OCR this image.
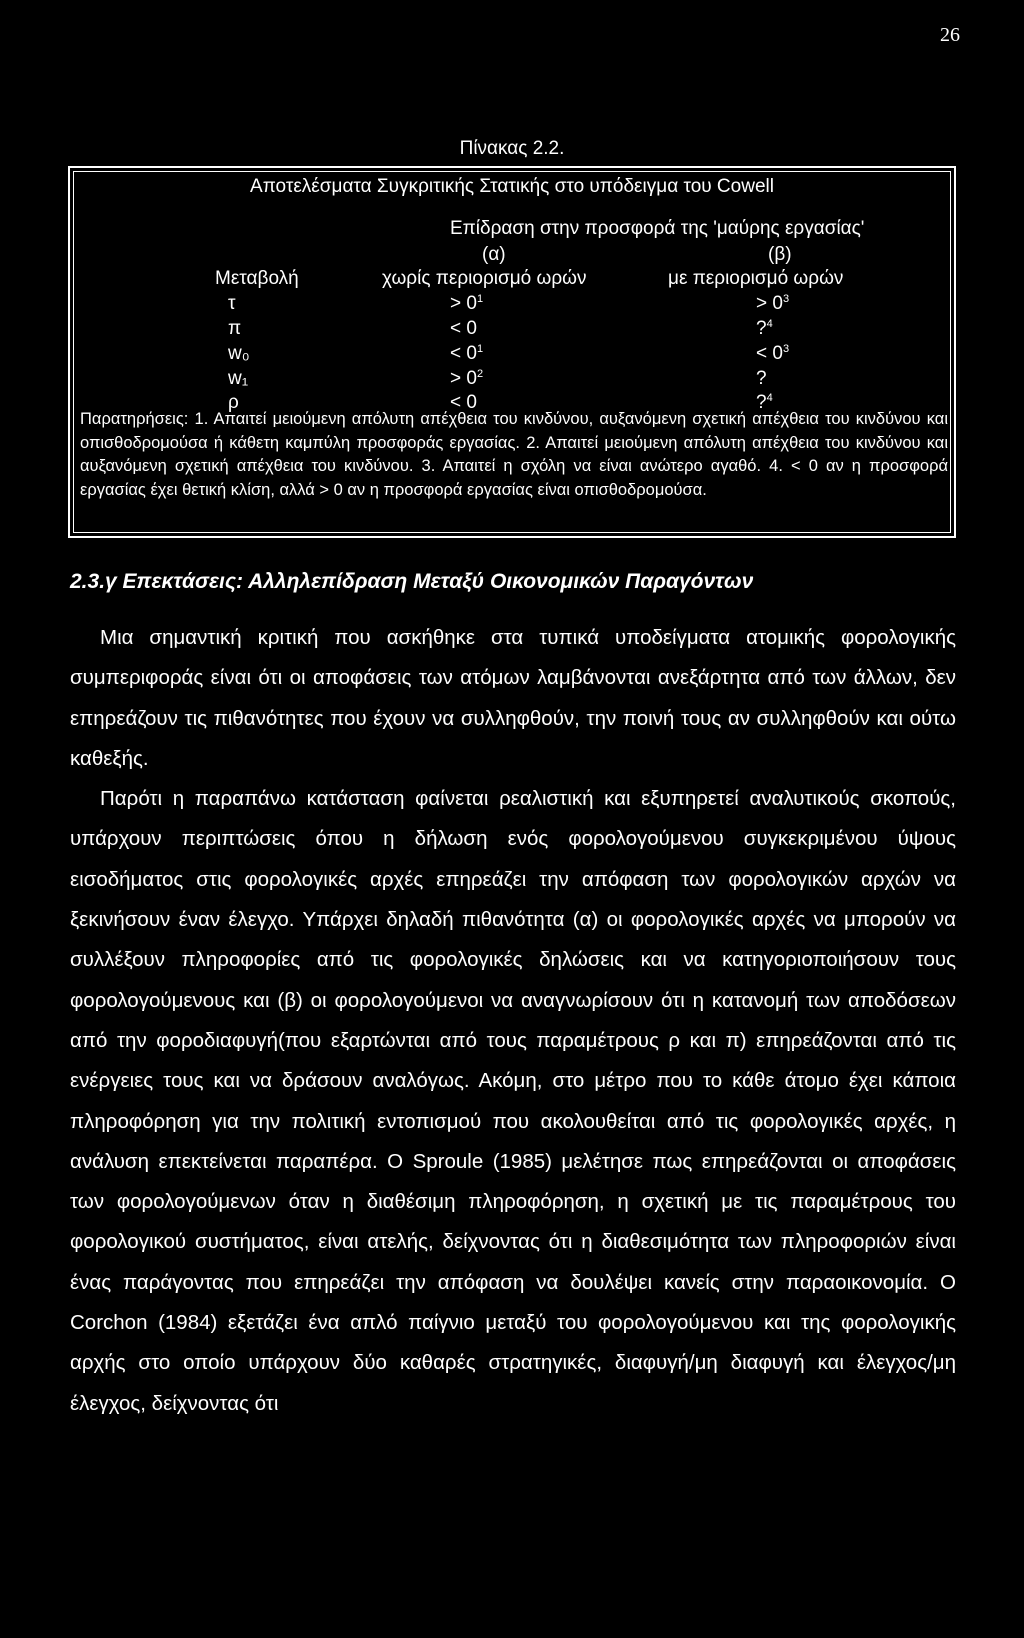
26
Πίνακας 2.2.
Αποτελέσματα Συγκριτικής Στατικής στο υπόδειγμα του Cowell
Επίδραση στην προσφορά της 'μαύρης εργασίας'
(α)	(β)
Μεταβολή	χωρίς περιορισμό ωρών	με περιορισμό ωρών
τ	> $0^1$	> $0^3$
π	< 0	?$^4$
w₀	< $0^1$	< $0^3$
w₁	> $0^2$	?
ρ	< 0	?$^4$
Παρατηρήσεις: 1. Απαιτεί μειούμενη απόλυτη απέχθεια του κινδύνου, αυξανόμενη σχετική απέχθεια του κινδύνου και οπισθοδρομούσα ή κάθετη καμπύλη προσφοράς εργασίας. 2. Απαιτεί μειούμενη απόλυτη απέχθεια του κινδύνου και αυξανόμενη σχετική απέχθεια του κινδύνου. 3. Απαιτεί η σχόλη να είναι ανώτερο αγαθό. 4. < 0 αν η προσφορά εργασίας έχει θετική κλίση, αλλά > 0 αν η προσφορά εργασίας είναι οπισθοδρομούσα.
2.3.γ Επεκτάσεις: Αλληλεπίδραση Μεταξύ Οικονομικών Παραγόντων

Μια σημαντική κριτική που ασκήθηκε στα τυπικά υποδείγματα ατομικής φορολογικής συμπεριφοράς είναι ότι οι αποφάσεις των ατόμων λαμβάνονται ανεξάρτητα από των άλλων, δεν επηρεάζουν τις πιθανότητες που έχουν να συλληφθούν, την ποινή τους αν συλληφθούν και ούτω καθεξής.

Παρότι η παραπάνω κατάσταση φαίνεται ρεαλιστική και εξυπηρετεί αναλυτικούς σκοπούς, υπάρχουν περιπτώσεις όπου η δήλωση ενός φορολογούμενου συγκεκριμένου ύψους εισοδήματος στις φορολογικές αρχές επηρεάζει την απόφαση των φορολογικών αρχών να ξεκινήσουν έναν έλεγχο. Υπάρχει δηλαδή πιθανότητα (α) οι φορολογικές αρχές να μπορούν να συλλέξουν πληροφορίες από τις φορολογικές δηλώσεις και να κατηγοριοποιήσουν τους φορολογούμενους και (β) οι φορολογούμενοι να αναγνωρίσουν ότι η κατανομή των αποδόσεων από την φοροδιαφυγή(που εξαρτώνται από τους παραμέτρους ρ και π) επηρεάζονται από τις ενέργειες τους και να δράσουν αναλόγως. Ακόμη, στο μέτρο που το κάθε άτομο έχει κάποια πληροφόρηση για την πολιτική εντοπισμού που ακολουθείται από τις φορολογικές αρχές, η ανάλυση επεκτείνεται παραπέρα. Ο Sproule (1985) μελέτησε πως επηρεάζονται οι αποφάσεις των φορολογούμενων όταν η διαθέσιμη πληροφόρηση, η σχετική με τις παραμέτρους του φορολογικού συστήματος, είναι ατελής, δείχνοντας ότι η διαθεσιμότητα των πληροφοριών είναι ένας παράγοντας που επηρεάζει την απόφαση να δουλέψει κανείς στην παραοικονομία. Ο Corchon (1984) εξετάζει ένα απλό παίγνιο μεταξύ του φορολογούμενου και της φορολογικής αρχής στο οποίο υπάρχουν δύο καθαρές στρατηγικές, διαφυγή/μη διαφυγή και έλεγχος/μη έλεγχος, δείχνοντας ότι
